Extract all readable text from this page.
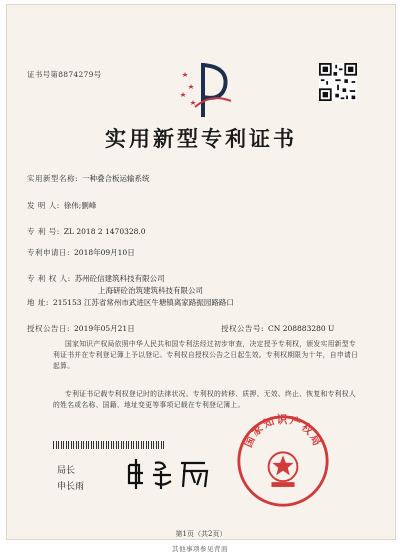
证书号第8874279号
实用新型专利证书
实用新型名称: 一种叠合板运输系统
发 明 人: 徐伟;劉峰
专 利 号: ZL 2018 2 1470328.0
专利申请日: 2018年09月10日
专 利 权 人: 苏州砼信建筑科技有限公司
上海研砼治筑建筑科技有限公司
地 址: 215153 江苏省常州市武进区牛塘镇离家路振园路路口
授权公告日: 2019年05月21日	授权公告号: CN 208883280 U
国家知识产权局依照中华人民共和国专利法经过初步审查，决定授予专利权，颁发实用新型专利证书并在专利登记簿上予以登记。专利权自授权公告之日起生效。专利权期限为十年，自申请日起算。
专利证书记载专利权登记时的法律状况。专利权的转移、质押、无效、终止、恢复和专利权人的姓名或名称、国籍、地址变更等事项记载在专利登记簿上。
局长
申长雨
国家知识产权局
第1页（共2页）
其他事项参见背面
